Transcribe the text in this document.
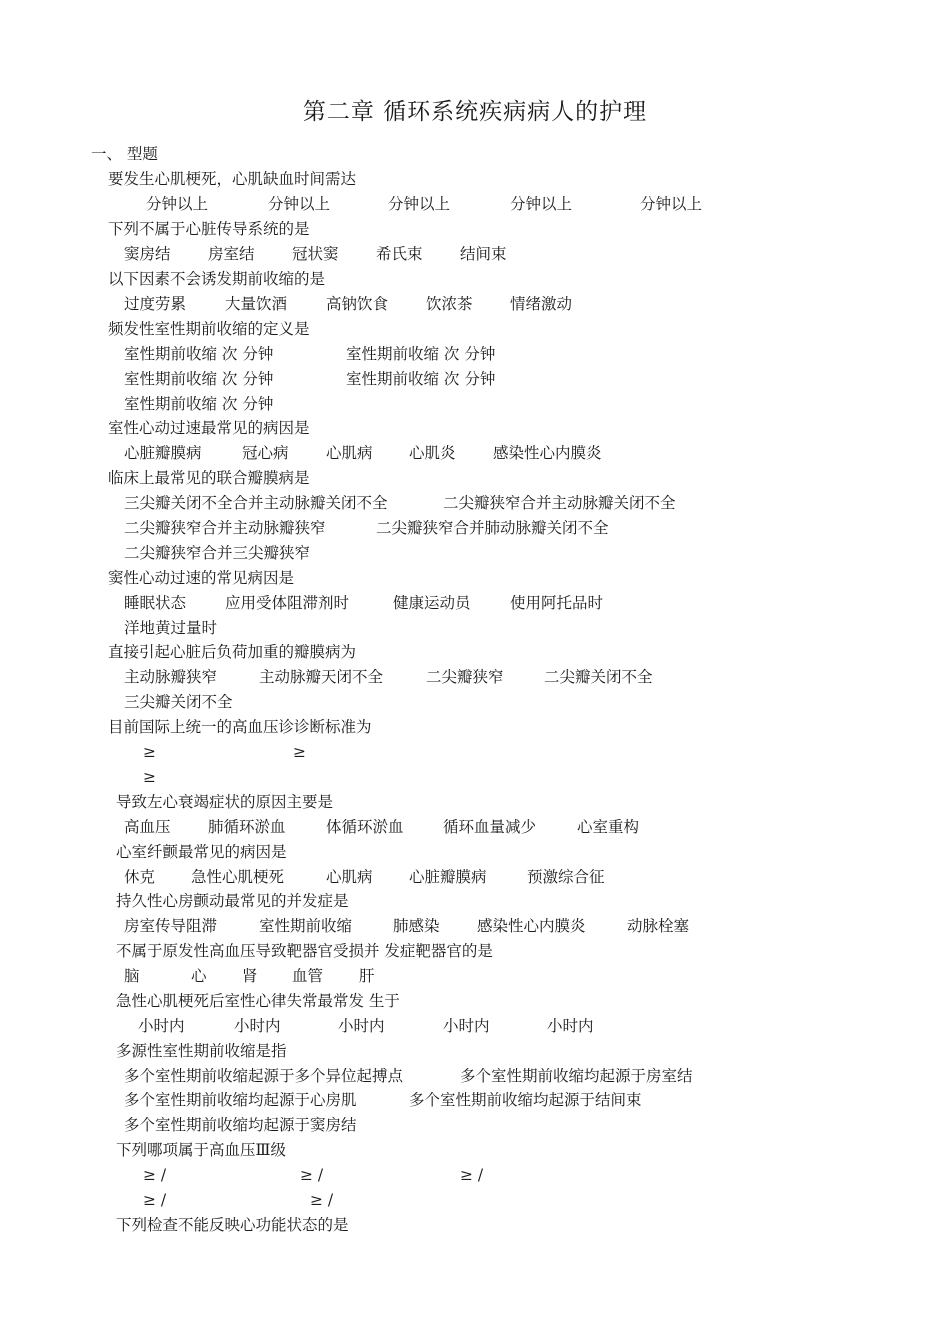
第二章 循环系统疾病病人的护理
一、 型题
要发生心肌梗死，心肌缺血时间需达
分钟以上	分钟以上	分钟以上	分钟以上	分钟以上
下列不属于心脏传导系统的是
窦房结 房室结 冠状窦 希氏束 结间束
以下因素不会诱发期前收缩的是
过度劳累	大量饮酒	高钠饮食 饮浓茶 情绪激动
频发性室性期前收缩的定义是
室性期前收缩 次 分钟	室性期前收缩 次 分钟
室性期前收缩 次 分钟	室性期前收缩 次 分钟
室性期前收缩 次 分钟
室性心动过速最常见的病因是
心脏瓣膜病	冠心病 心肌病 心肌炎 感染性心内膜炎
临床上最常见的联合瓣膜病是
三尖瓣关闭不全合并主动脉瓣关闭不全	二尖瓣狭窄合并主动脉瓣关闭不全
二尖瓣狭窄合并主动脉瓣狭窄	二尖瓣狭窄合并肺动脉瓣关闭不全
二尖瓣狭窄合并三尖瓣狭窄
窦性心动过速的常见病因是
睡眠状态	应用受体阻滞剂时	健康运动员	使用阿托品时
洋地黄过量时
直接引起心脏后负荷加重的瓣膜病为
主动脉瓣狭窄	主动脉瓣天闭不全	二尖瓣狭窄	二尖瓣关闭不全
三尖瓣关闭不全
目前国际上统一的高血压诊诊断标准为
≥	≥
≥
导致左心衰竭症状的原因主要是
高血压 肺循环淤血	体循环淤血	循环血量减少	心室重构
心室纤颤最常见的病因是
休克 急性心肌梗死	心肌病 心脏瓣膜病	预激综合征
持久性心房颤动最常见的并发症是
房室传导阻滞	室性期前收缩	肺感染 感染性心内膜炎	动脉栓塞
不属于原发性高血压导致靶器官受损并 发症靶器官的是
脑	心 肾 血管 肝
急性心肌梗死后室性心律失常最常发 生于
小时内	小时内	小时内	小时内	小时内
多源性室性期前收缩是指
多个室性期前收缩起源于多个异位起搏点	多个室性期前收缩均起源于房室结
多个室性期前收缩均起源于心房肌	多个室性期前收缩均起源于结间束
多个室性期前收缩均起源于窦房结
下列哪项属于高血压Ⅲ级
≥ /	≥ /	≥ /
≥ /	≥ /
下列检查不能反映心功能状态的是
